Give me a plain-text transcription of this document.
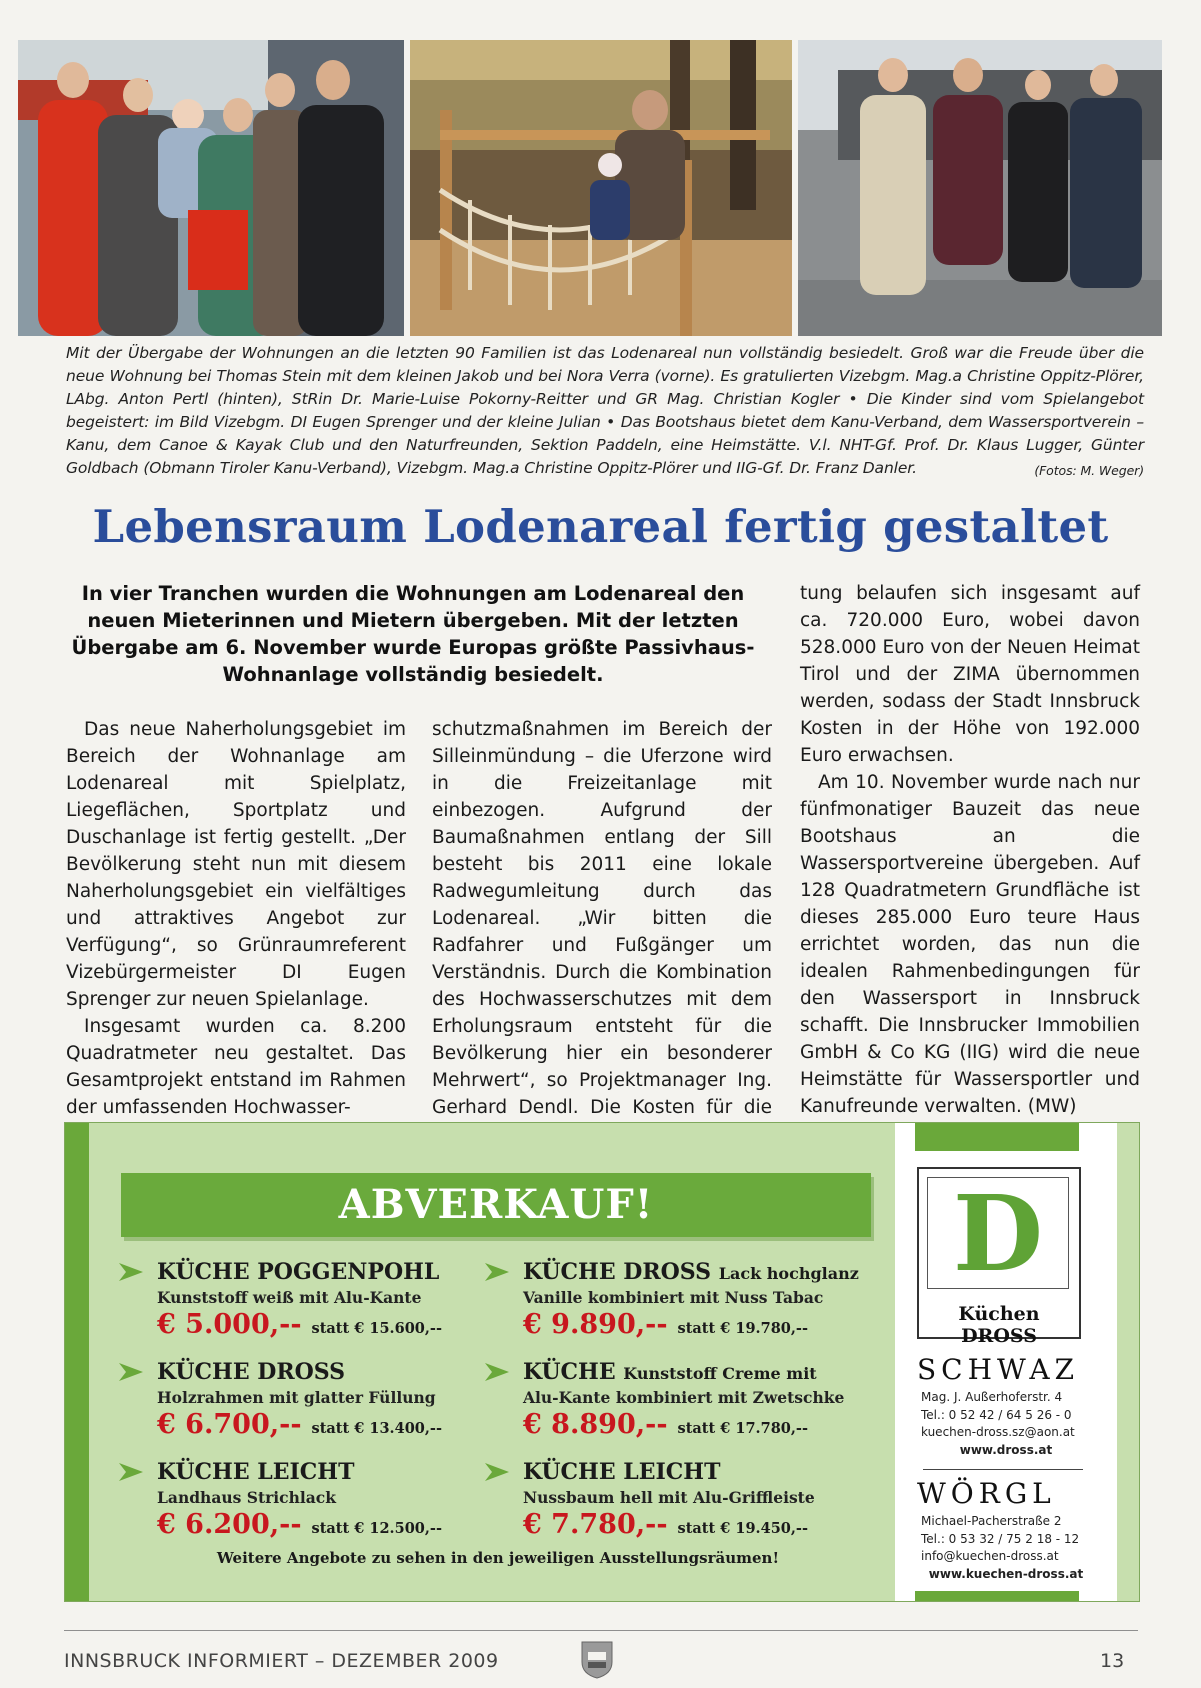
Mit der Übergabe der Wohnungen an die letzten 90 Familien ist das Lodenareal nun vollständig besiedelt. Groß war die Freude über die neue Wohnung bei Thomas Stein mit dem kleinen Jakob und bei Nora Verra (vorne). Es gratulierten Vizebgm. Mag.a Christine Oppitz-Plörer, LAbg. Anton Pertl (hinten), StRin Dr. Marie-Luise Pokorny-Reitter und GR Mag. Christian Kogler • Die Kinder sind vom Spielangebot begeistert: im Bild Vizebgm. DI Eugen Sprenger und der kleine Julian • Das Bootshaus bietet dem Kanu-Verband, dem Wassersportverein – Kanu, dem Canoe & Kayak Club und den Naturfreunden, Sektion Paddeln, eine Heimstätte. V.l. NHT-Gf. Prof. Dr. Klaus Lugger, Günter Goldbach (Obmann Tiroler Kanu-Verband), Vizebgm. Mag.a Christine Oppitz-Plörer und IIG-Gf. Dr. Franz Danler.	(Fotos: M. Weger)
Lebensraum Lodenareal fertig gestaltet
In vier Tranchen wurden die Wohnungen am Lodenareal den neuen Mieterinnen und Mietern übergeben. Mit der letzten Übergabe am 6. November wurde Europas größte Passivhaus-Wohnanlage vollständig besiedelt.

Das neue Naherholungsgebiet im Bereich der Wohnanlage am Lodenareal mit Spielplatz, Liegeflächen, Sportplatz und Duschanlage ist fertig gestellt. „Der Bevölkerung steht nun mit diesem Naherholungsgebiet ein vielfältiges und attraktives Angebot zur Verfügung“, so Grünraumreferent Vizebürgermeister DI Eugen Sprenger zur neuen Spielanlage.

Insgesamt wurden ca. 8.200 Quadratmeter neu gestaltet. Das Gesamtprojekt entstand im Rahmen der umfassenden Hochwasser-

schutzmaßnahmen im Bereich der Silleinmündung – die Uferzone wird in die Freizeitanlage mit einbezogen. Aufgrund der Baumaßnahmen entlang der Sill besteht bis 2011 eine lokale Radwegumleitung durch das Lodenareal. „Wir bitten die Radfahrer und Fußgänger um Verständnis. Durch die Kombination des Hochwasserschutzes mit dem Erholungsraum entsteht für die Bevölkerung hier ein besonderer Mehrwert“, so Projektmanager Ing. Gerhard Dendl. Die Kosten für die

tung belaufen sich insgesamt auf ca. 720.000 Euro, wobei davon 528.000 Euro von der Neuen Heimat Tirol und der ZIMA übernommen werden, sodass der Stadt Innsbruck Kosten in der Höhe von 192.000 Euro erwachsen.

Am 10. November wurde nach nur fünfmonatiger Bauzeit das neue Bootshaus an die Wassersportvereine übergeben. Auf 128 Quadratmetern Grundfläche ist dieses 285.000 Euro teure Haus errichtet worden, das nun die idealen Rahmenbedingungen für den Wassersport in Innsbruck schafft. Die Innsbrucker Immobilien GmbH & Co KG (IIG) wird die neue Heimstätte für Wassersportler und Kanufreunde verwalten. (MW)

ABVERKAUF!
KÜCHE POGGENPOHL
Kunststoff weiß mit Alu-Kante
€ 5.000,-- statt € 15.600,--
KÜCHE DROSS Lack hochglanz
Vanille kombiniert mit Nuss Tabac
€ 9.890,-- statt € 19.780,--
KÜCHE DROSS
Holzrahmen mit glatter Füllung
€ 6.700,-- statt € 13.400,--
KÜCHE Kunststoff Creme mit
Alu-Kante kombiniert mit Zwetschke
€ 8.890,-- statt € 17.780,--
KÜCHE LEICHT
Landhaus Strichlack
€ 6.200,-- statt € 12.500,--
KÜCHE LEICHT
Nussbaum hell mit Alu-Griffleiste
€ 7.780,-- statt € 19.450,--
Weitere Angebote zu sehen in den jeweiligen Ausstellungsräumen!
D
Küchen DROSS
SCHWAZ
Mag. J. Außerhoferstr. 4
Tel.: 0 52 42 / 64 5 26 - 0
kuechen-dross.sz@aon.at
www.dross.at
WÖRGL
Michael-Pacherstraße 2
Tel.: 0 53 32 / 75 2 18 - 12
info@kuechen-dross.at
www.kuechen-dross.at
INNSBRUCK INFORMIERT – DEZEMBER 2009	13
